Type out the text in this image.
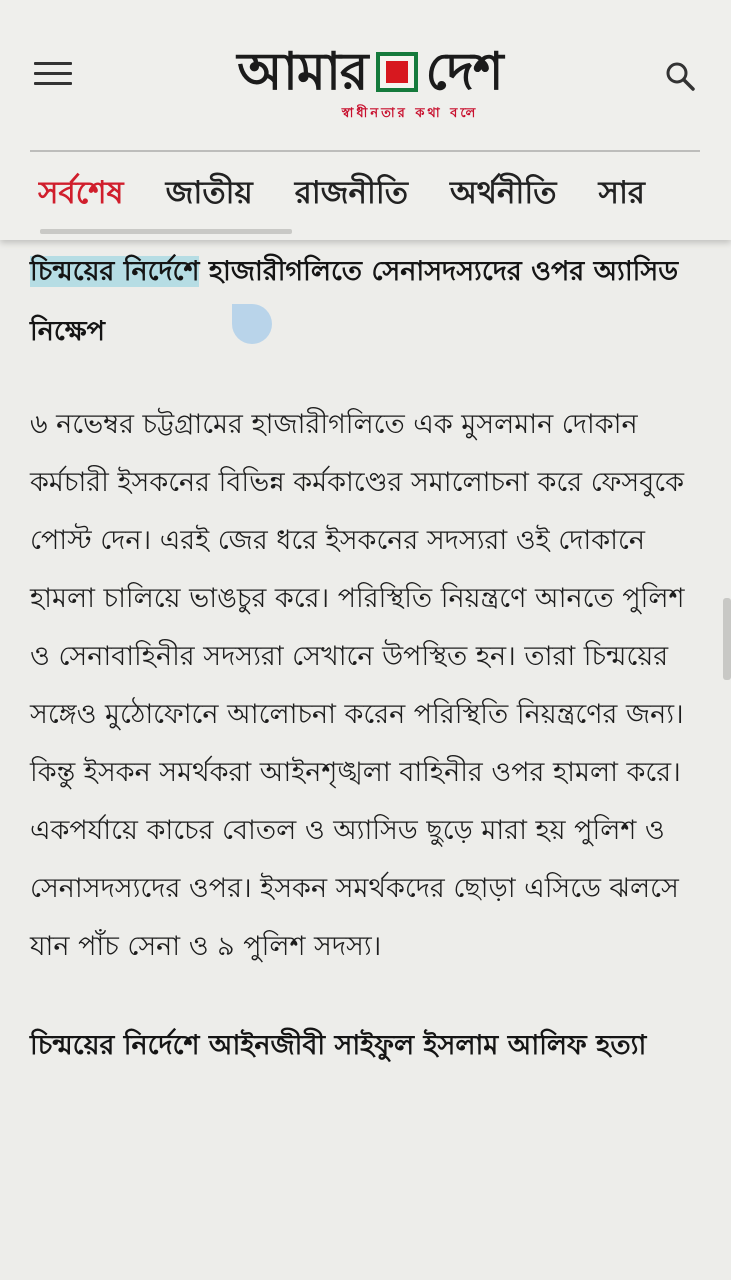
আমার দেশ
স্বাধীনতার কথা বলে
সর্বশেষ জাতীয় রাজনীতি অর্থনীতি সার
চিন্ময়ের নির্দেশে হাজারীগলিতে সেনাসদস্যদের ওপর অ্যাসিড নিক্ষেপ

৬ নভেম্বর চট্টগ্রামের হাজারীগলিতে এক মুসলমান দোকান কর্মচারী ইসকনের বিভিন্ন কর্মকাণ্ডের সমালোচনা করে ফেসবুকে পোস্ট দেন। এরই জের ধরে ইসকনের সদস্যরা ওই দোকানে হামলা চালিয়ে ভাঙচুর করে। পরিস্থিতি নিয়ন্ত্রণে আনতে পুলিশ ও সেনাবাহিনীর সদস্যরা সেখানে উপস্থিত হন। তারা চিন্ময়ের সঙ্গেও মুঠোফোনে আলোচনা করেন পরিস্থিতি নিয়ন্ত্রণের জন্য। কিন্তু ইসকন সমর্থকরা আইনশৃঙ্খলা বাহিনীর ওপর হামলা করে। একপর্যায়ে কাচের বোতল ও অ্যাসিড ছুড়ে মারা হয় পুলিশ ও সেনাসদস্যদের ওপর। ইসকন সমর্থকদের ছোড়া এসিডে ঝলসে যান পাঁচ সেনা ও ৯ পুলিশ সদস্য।

চিন্ময়ের নির্দেশে আইনজীবী সাইফুল ইসলাম আলিফ হত্যা
